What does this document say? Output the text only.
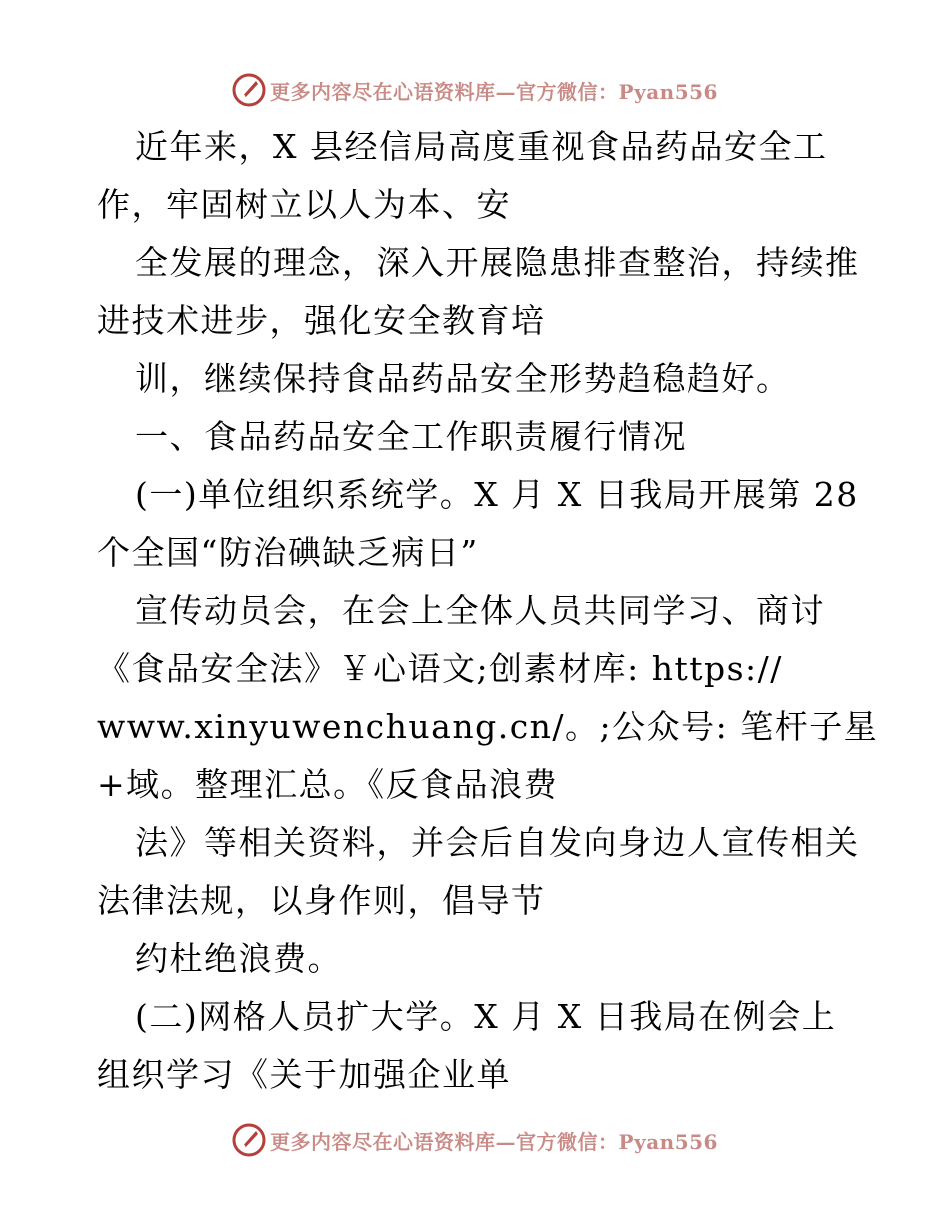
更多内容尽在心语资料库—官方微信：Pyan556
近年来，X 县经信局高度重视食品药品安全工
作，牢固树立以人为本、安
全发展的理念，深入开展隐患排查整治，持续推
进技术进步，强化安全教育培
训，继续保持食品药品安全形势趋稳趋好。
一、食品药品安全工作职责履行情况
(一)单位组织系统学。X 月 X 日我局开展第 28
个全国“防治碘缺乏病日”
宣传动员会，在会上全体人员共同学习、商讨
《食品安全法》￥心语文;创素材库: https://
www.xinyuwenchuang.cn/。;公众号: 笔杆子星
+域。整理汇总。《反食品浪费
法》等相关资料，并会后自发向身边人宣传相关
法律法规，以身作则，倡导节
约杜绝浪费。
(二)网格人员扩大学。X 月 X 日我局在例会上
组织学习《关于加强企业单
更多内容尽在心语资料库—官方微信：Pyan556
